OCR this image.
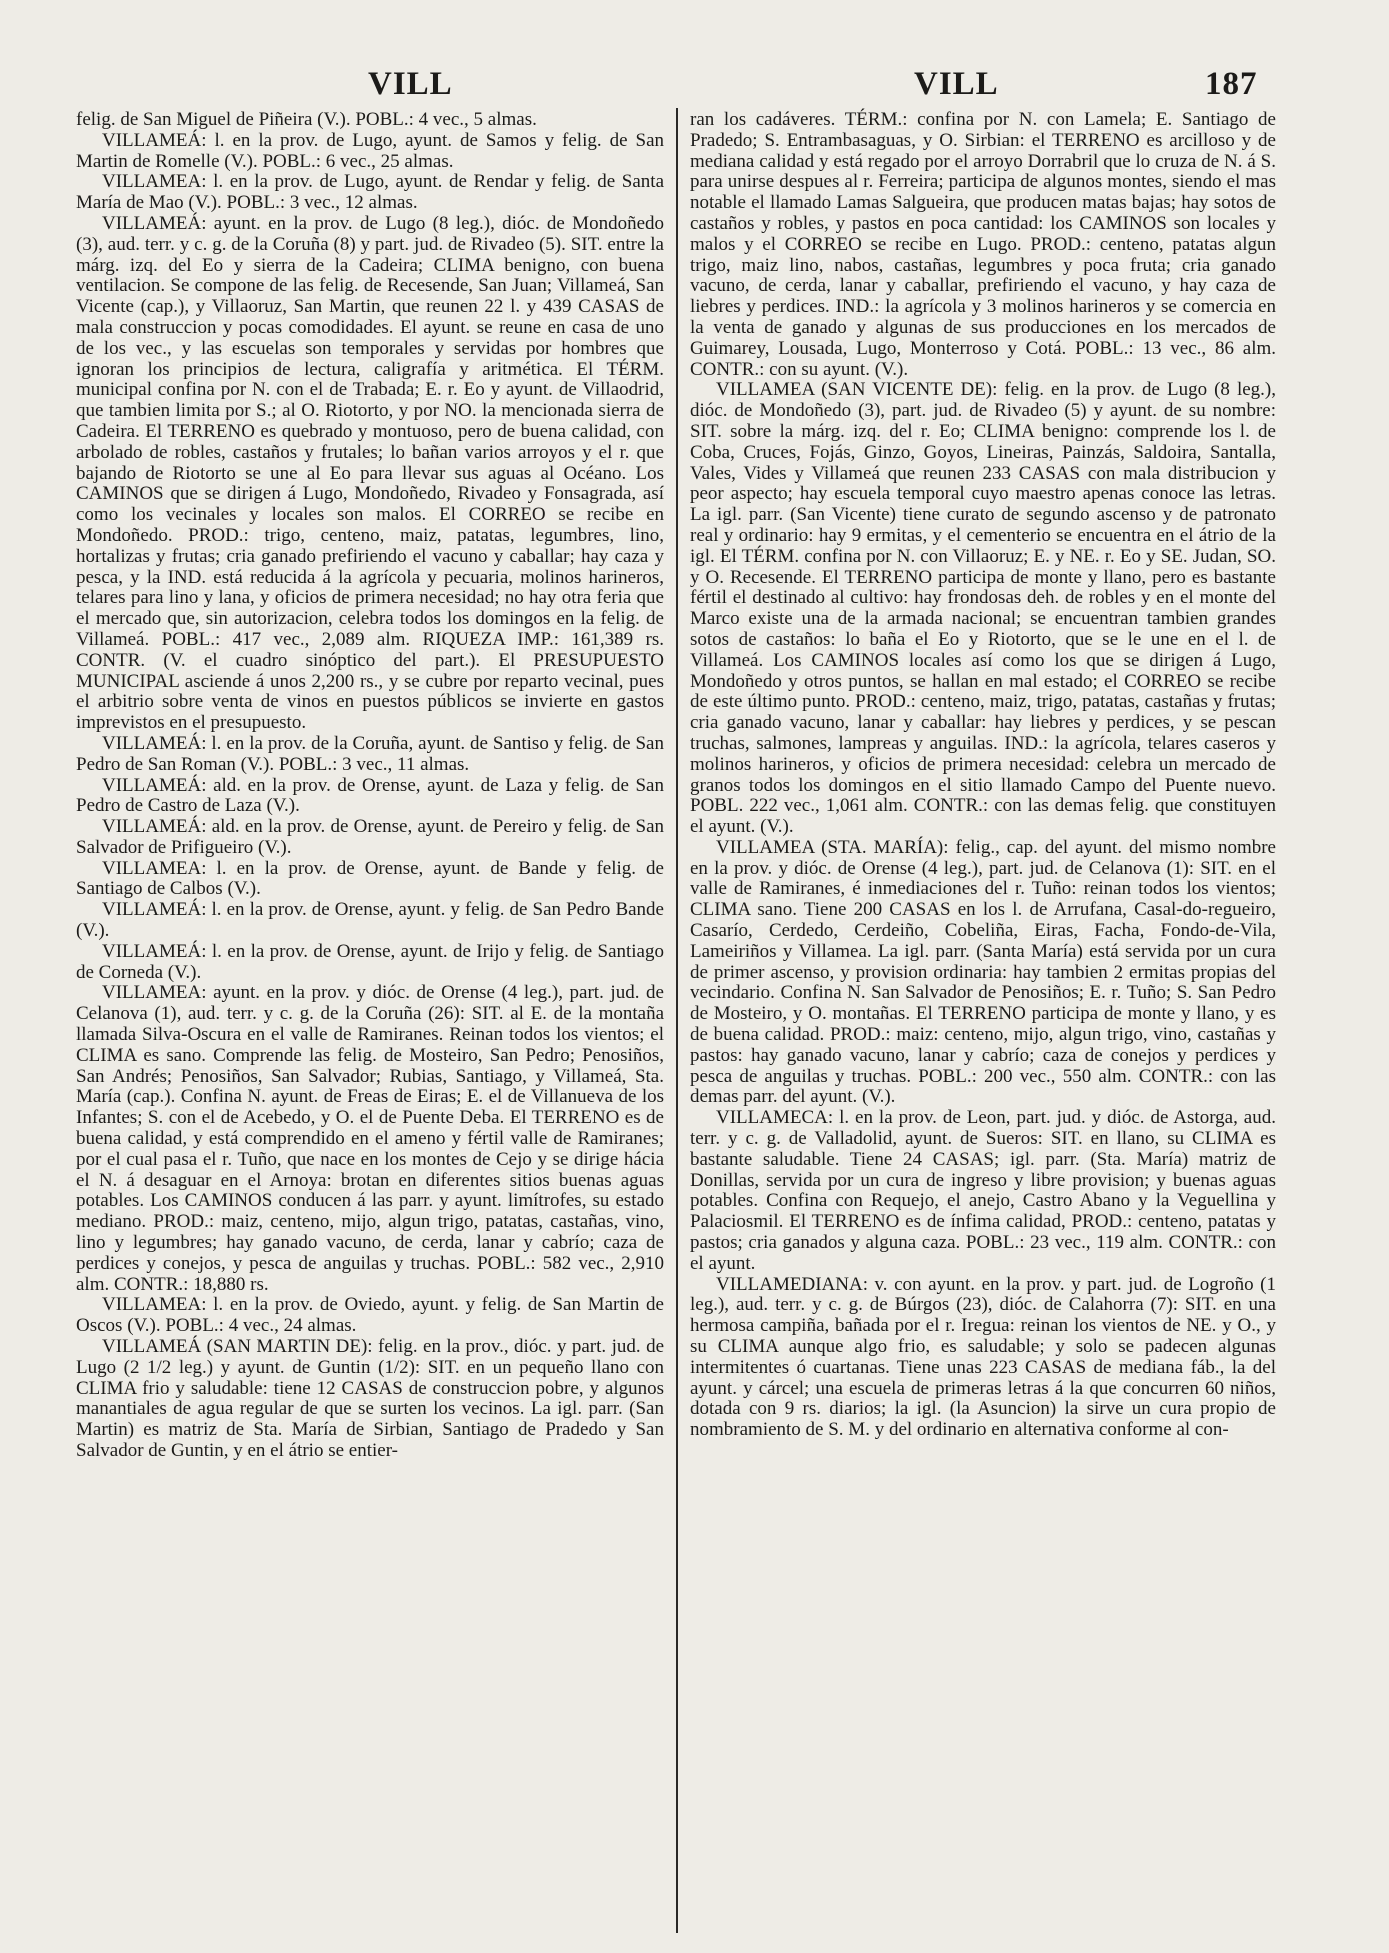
VILL	VILL	187

felig. de San Miguel de Piñeira (V.). POBL.: 4 vec., 5 almas.

VILLAMEÁ: l. en la prov. de Lugo, ayunt. de Samos y felig. de San Martin de Romelle (V.). POBL.: 6 vec., 25 almas.

VILLAMEA: l. en la prov. de Lugo, ayunt. de Rendar y felig. de Santa María de Mao (V.). POBL.: 3 vec., 12 almas.

VILLAMEÁ: ayunt. en la prov. de Lugo (8 leg.), dióc. de Mondoñedo (3), aud. terr. y c. g. de la Coruña (8) y part. jud. de Rivadeo (5). SIT. entre la márg. izq. del Eo y sierra de la Cadeira; CLIMA benigno, con buena ventilacion. Se compone de las felig. de Recesende, San Juan; Villameá, San Vicente (cap.), y Villaoruz, San Martin, que reunen 22 l. y 439 CASAS de mala construccion y pocas comodidades. El ayunt. se reune en casa de uno de los vec., y las escuelas son temporales y servidas por hombres que ignoran los principios de lectura, caligrafía y aritmética. El TÉRM. municipal confina por N. con el de Trabada; E. r. Eo y ayunt. de Villaodrid, que tambien limita por S.; al O. Riotorto, y por NO. la mencionada sierra de Cadeira. El TERRENO es quebrado y montuoso, pero de buena calidad, con arbolado de robles, castaños y frutales; lo bañan varios arroyos y el r. que bajando de Riotorto se une al Eo para llevar sus aguas al Océano. Los CAMINOS que se dirigen á Lugo, Mondoñedo, Rivadeo y Fonsagrada, así como los vecinales y locales son malos. El CORREO se recibe en Mondoñedo. PROD.: trigo, centeno, maiz, patatas, legumbres, lino, hortalizas y frutas; cria ganado prefiriendo el vacuno y caballar; hay caza y pesca, y la IND. está reducida á la agrícola y pecuaria, molinos harineros, telares para lino y lana, y oficios de primera necesidad; no hay otra feria que el mercado que, sin autorizacion, celebra todos los domingos en la felig. de Villameá. POBL.: 417 vec., 2,089 alm. RIQUEZA IMP.: 161,389 rs. CONTR. (V. el cuadro sinóptico del part.). El PRESUPUESTO MUNICIPAL asciende á unos 2,200 rs., y se cubre por reparto vecinal, pues el arbitrio sobre venta de vinos en puestos públicos se invierte en gastos imprevistos en el presupuesto.

VILLAMEÁ: l. en la prov. de la Coruña, ayunt. de Santiso y felig. de San Pedro de San Roman (V.). POBL.: 3 vec., 11 almas.

VILLAMEÁ: ald. en la prov. de Orense, ayunt. de Laza y felig. de San Pedro de Castro de Laza (V.).

VILLAMEÁ: ald. en la prov. de Orense, ayunt. de Pereiro y felig. de San Salvador de Prifigueiro (V.).

VILLAMEA: l. en la prov. de Orense, ayunt. de Bande y felig. de Santiago de Calbos (V.).

VILLAMEÁ: l. en la prov. de Orense, ayunt. y felig. de San Pedro Bande (V.).

VILLAMEÁ: l. en la prov. de Orense, ayunt. de Irijo y felig. de Santiago de Corneda (V.).

VILLAMEA: ayunt. en la prov. y dióc. de Orense (4 leg.), part. jud. de Celanova (1), aud. terr. y c. g. de la Coruña (26): SIT. al E. de la montaña llamada Silva-Oscura en el valle de Ramiranes. Reinan todos los vientos; el CLIMA es sano. Comprende las felig. de Mosteiro, San Pedro; Penosiños, San Andrés; Penosiños, San Salvador; Rubias, Santiago, y Villameá, Sta. María (cap.). Confina N. ayunt. de Freas de Eiras; E. el de Villanueva de los Infantes; S. con el de Acebedo, y O. el de Puente Deba. El TERRENO es de buena calidad, y está comprendido en el ameno y fértil valle de Ramiranes; por el cual pasa el r. Tuño, que nace en los montes de Cejo y se dirige hácia el N. á desaguar en el Arnoya: brotan en diferentes sitios buenas aguas potables. Los CAMINOS conducen á las parr. y ayunt. limítrofes, su estado mediano. PROD.: maiz, centeno, mijo, algun trigo, patatas, castañas, vino, lino y legumbres; hay ganado vacuno, de cerda, lanar y cabrío; caza de perdices y conejos, y pesca de anguilas y truchas. POBL.: 582 vec., 2,910 alm. CONTR.: 18,880 rs.

VILLAMEA: l. en la prov. de Oviedo, ayunt. y felig. de San Martin de Oscos (V.). POBL.: 4 vec., 24 almas.

VILLAMEÁ (SAN MARTIN DE): felig. en la prov., dióc. y part. jud. de Lugo (2 1/2 leg.) y ayunt. de Guntin (1/2): SIT. en un pequeño llano con CLIMA frio y saludable: tiene 12 CASAS de construccion pobre, y algunos manantiales de agua regular de que se surten los vecinos. La igl. parr. (San Martin) es matriz de Sta. María de Sirbian, Santiago de Pradedo y San Salvador de Guntin, y en el átrio se entier-

ran los cadáveres. TÉRM.: confina por N. con Lamela; E. Santiago de Pradedo; S. Entrambasaguas, y O. Sirbian: el TERRENO es arcilloso y de mediana calidad y está regado por el arroyo Dorrabril que lo cruza de N. á S. para unirse despues al r. Ferreira; participa de algunos montes, siendo el mas notable el llamado Lamas Salgueira, que producen matas bajas; hay sotos de castaños y robles, y pastos en poca cantidad: los CAMINOS son locales y malos y el CORREO se recibe en Lugo. PROD.: centeno, patatas algun trigo, maiz lino, nabos, castañas, legumbres y poca fruta; cria ganado vacuno, de cerda, lanar y caballar, prefiriendo el vacuno, y hay caza de liebres y perdices. IND.: la agrícola y 3 molinos harineros y se comercia en la venta de ganado y algunas de sus producciones en los mercados de Guimarey, Lousada, Lugo, Monterroso y Cotá. POBL.: 13 vec., 86 alm. CONTR.: con su ayunt. (V.).

VILLAMEA (SAN VICENTE DE): felig. en la prov. de Lugo (8 leg.), dióc. de Mondoñedo (3), part. jud. de Rivadeo (5) y ayunt. de su nombre: SIT. sobre la márg. izq. del r. Eo; CLIMA benigno: comprende los l. de Coba, Cruces, Fojás, Ginzo, Goyos, Lineiras, Painzás, Saldoira, Santalla, Vales, Vides y Villameá que reunen 233 CASAS con mala distribucion y peor aspecto; hay escuela temporal cuyo maestro apenas conoce las letras. La igl. parr. (San Vicente) tiene curato de segundo ascenso y de patronato real y ordinario: hay 9 ermitas, y el cementerio se encuentra en el átrio de la igl. El TÉRM. confina por N. con Villaoruz; E. y NE. r. Eo y SE. Judan, SO. y O. Recesende. El TERRENO participa de monte y llano, pero es bastante fértil el destinado al cultivo: hay frondosas deh. de robles y en el monte del Marco existe una de la armada nacional; se encuentran tambien grandes sotos de castaños: lo baña el Eo y Riotorto, que se le une en el l. de Villameá. Los CAMINOS locales así como los que se dirigen á Lugo, Mondoñedo y otros puntos, se hallan en mal estado; el CORREO se recibe de este último punto. PROD.: centeno, maiz, trigo, patatas, castañas y frutas; cria ganado vacuno, lanar y caballar: hay liebres y perdices, y se pescan truchas, salmones, lampreas y anguilas. IND.: la agrícola, telares caseros y molinos harineros, y oficios de primera necesidad: celebra un mercado de granos todos los domingos en el sitio llamado Campo del Puente nuevo. POBL. 222 vec., 1,061 alm. CONTR.: con las demas felig. que constituyen el ayunt. (V.).

VILLAMEA (STA. MARÍA): felig., cap. del ayunt. del mismo nombre en la prov. y dióc. de Orense (4 leg.), part. jud. de Celanova (1): SIT. en el valle de Ramiranes, é inmediaciones del r. Tuño: reinan todos los vientos; CLIMA sano. Tiene 200 CASAS en los l. de Arrufana, Casal-do-regueiro, Casarío, Cerdedo, Cerdeiño, Cobeliña, Eiras, Facha, Fondo-de-Vila, Lameiriños y Villamea. La igl. parr. (Santa María) está servida por un cura de primer ascenso, y provision ordinaria: hay tambien 2 ermitas propias del vecindario. Confina N. San Salvador de Penosiños; E. r. Tuño; S. San Pedro de Mosteiro, y O. montañas. El TERRENO participa de monte y llano, y es de buena calidad. PROD.: maiz: centeno, mijo, algun trigo, vino, castañas y pastos: hay ganado vacuno, lanar y cabrío; caza de conejos y perdices y pesca de anguilas y truchas. POBL.: 200 vec., 550 alm. CONTR.: con las demas parr. del ayunt. (V.).

VILLAMECA: l. en la prov. de Leon, part. jud. y dióc. de Astorga, aud. terr. y c. g. de Valladolid, ayunt. de Sueros: SIT. en llano, su CLIMA es bastante saludable. Tiene 24 CASAS; igl. parr. (Sta. María) matriz de Donillas, servida por un cura de ingreso y libre provision; y buenas aguas potables. Confina con Requejo, el anejo, Castro Abano y la Veguellina y Palaciosmil. El TERRENO es de ínfima calidad, PROD.: centeno, patatas y pastos; cria ganados y alguna caza. POBL.: 23 vec., 119 alm. CONTR.: con el ayunt.

VILLAMEDIANA: v. con ayunt. en la prov. y part. jud. de Logroño (1 leg.), aud. terr. y c. g. de Búrgos (23), dióc. de Calahorra (7): SIT. en una hermosa campiña, bañada por el r. Iregua: reinan los vientos de NE. y O., y su CLIMA aunque algo frio, es saludable; y solo se padecen algunas intermitentes ó cuartanas. Tiene unas 223 CASAS de mediana fáb., la del ayunt. y cárcel; una escuela de primeras letras á la que concurren 60 niños, dotada con 9 rs. diarios; la igl. (la Asuncion) la sirve un cura propio de nombramiento de S. M. y del ordinario en alternativa conforme al con-
